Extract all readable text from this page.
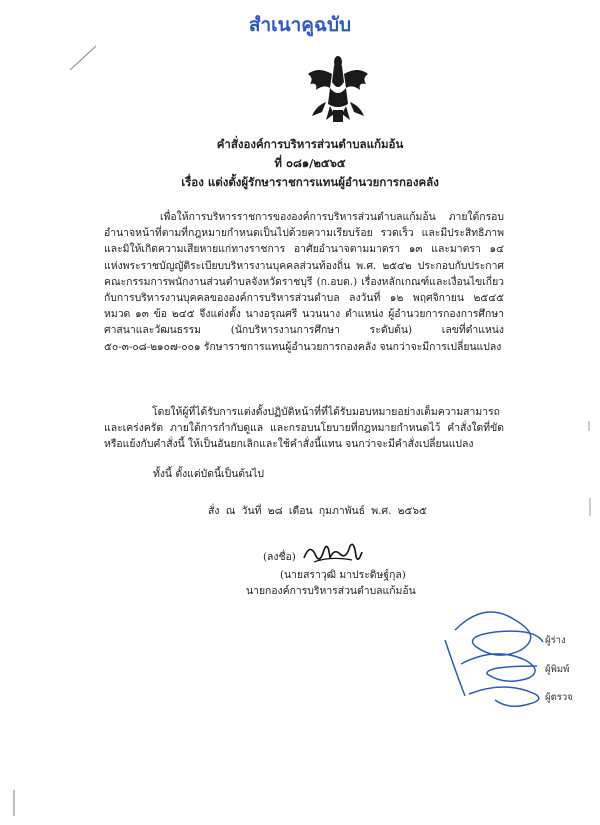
สำเนาคูฉบับ
คำสั่งองค์การบริหารส่วนตำบลแก้มอ้น
ที่ ๐๘๑/๒๕๖๕
เรื่อง แต่งตั้งผู้รักษาราชการแทนผู้อำนวยการกองคลัง
เพื่อให้การบริหารราชการขององค์การบริหารส่วนตำบลแก้มอ้น ภายใต้กรอบอำนาจหน้าที่ตามที่กฎหมายกำหนดเป็นไปด้วยความเรียบร้อย รวดเร็ว และมีประสิทธิภาพ และมิให้เกิดความเสียหายแก่ทางราชการ อาศัยอำนาจตามมาตรา ๑๓ และมาตรา ๑๔ แห่งพระราชบัญญัติระเบียบบริหารงานบุคคลส่วนท้องถิ่น พ.ศ. ๒๕๔๒ ประกอบกับประกาศคณะกรรมการพนักงานส่วนตำบลจังหวัดราชบุรี (ก.อบต.) เรื่องหลักเกณฑ์และเงื่อนไขเกี่ยวกับการบริหารงานบุคคลขององค์การบริหารส่วนตำบล ลงวันที่ ๑๒ พฤศจิกายน ๒๕๔๕ หมวด ๑๓ ข้อ ๒๔๕ จึงแต่งตั้ง นางอรุณศรี นวนนาง ตำแหน่ง ผู้อำนวยการกองการศึกษา ศาสนาและวัฒนธรรม (นักบริหารงานการศึกษา ระดับต้น) เลขที่ตำแหน่ง ๕๐-๓-๐๘-๒๑๐๗-๐๐๑ รักษาราชการแทนผู้อำนวยการกองคลัง จนกว่าจะมีการเปลี่ยนแปลง
โดยให้ผู้ที่ได้รับการแต่งตั้งปฏิบัติหน้าที่ที่ได้รับมอบหมายอย่างเต็มความสามารถและเคร่งครัด ภายใต้การกำกับดูแล และกรอบนโยบายที่กฎหมายกำหนดไว้ คำสั่งใดที่ขัดหรือแย้งกับคำสั่งนี้ ให้เป็นอันยกเลิกและใช้คำสั่งนี้แทน จนกว่าจะมีคำสั่งเปลี่ยนแปลง
ทั้งนี้ ตั้งแต่บัดนี้เป็นต้นไป
สั่ง ณ วันที่ ๒๘ เดือน กุมภาพันธ์ พ.ศ. ๒๕๖๕
(ลงชื่อ)
(นายสราวุฒิ มาประดิษฐ์กุล)
นายกองค์การบริหารส่วนตำบลแก้มอ้น
ผู้ร่าง
ผู้พิมพ์
ผู้ตรวจ
